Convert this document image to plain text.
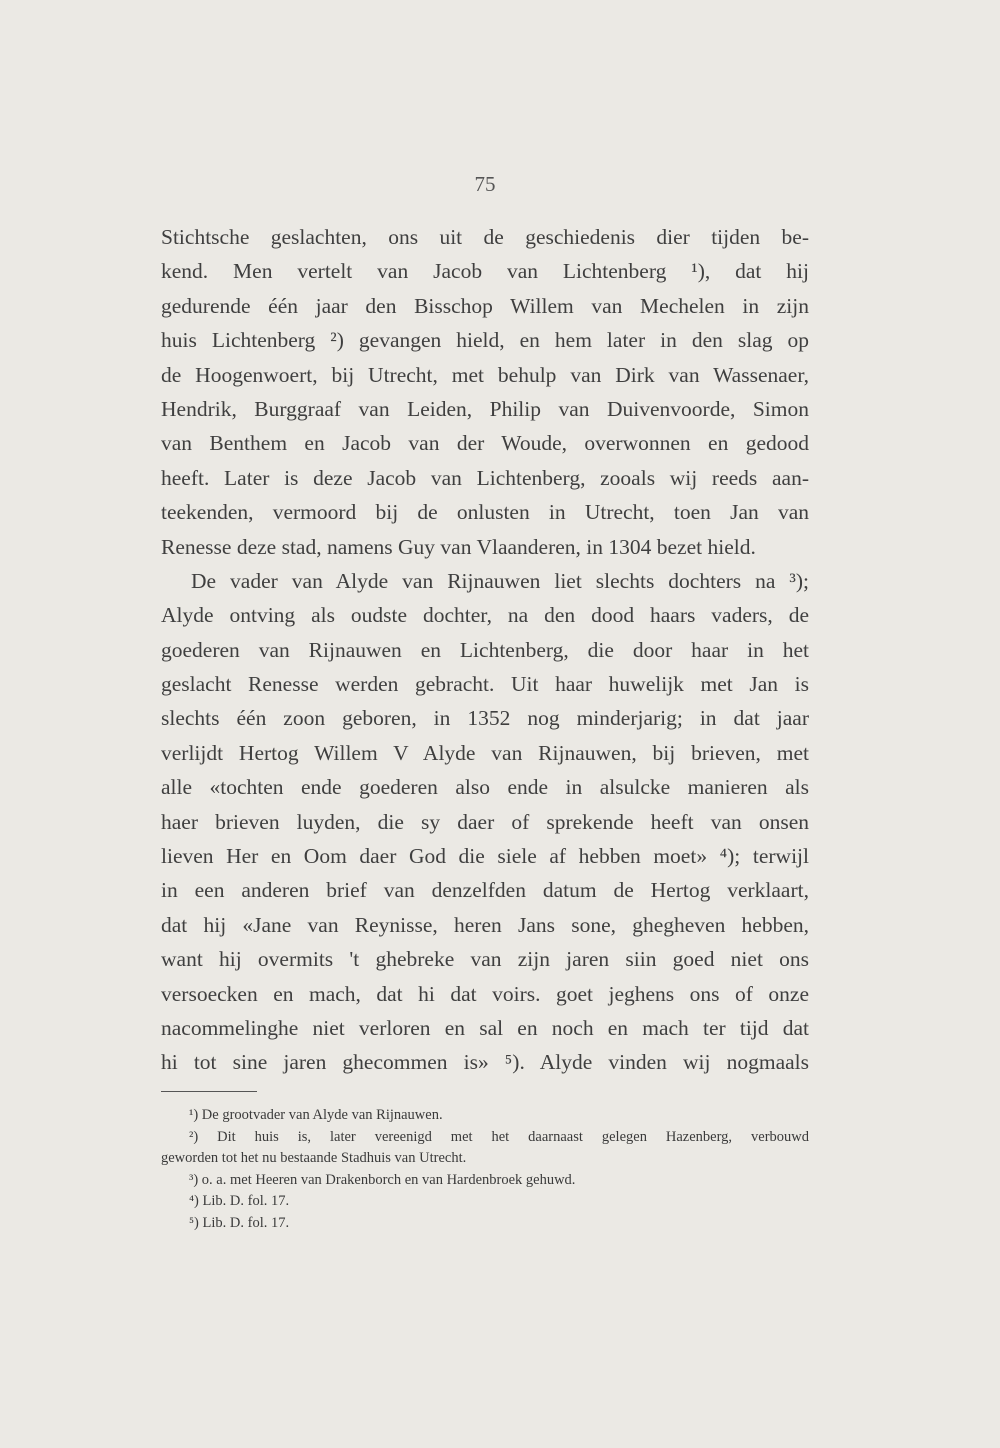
75
Stichtsche geslachten, ons uit de geschiedenis dier tijden be-
kend. Men vertelt van Jacob van Lichtenberg ¹), dat hij
gedurende één jaar den Bisschop Willem van Mechelen in zijn
huis Lichtenberg ²) gevangen hield, en hem later in den slag op
de Hoogenwoert, bij Utrecht, met behulp van Dirk van Wassenaer,
Hendrik, Burggraaf van Leiden, Philip van Duivenvoorde, Simon
van Benthem en Jacob van der Woude, overwonnen en gedood
heeft. Later is deze Jacob van Lichtenberg, zooals wij reeds aan-
teekenden, vermoord bij de onlusten in Utrecht, toen Jan van
Renesse deze stad, namens Guy van Vlaanderen, in 1304 bezet hield.
De vader van Alyde van Rijnauwen liet slechts dochters na ³);
Alyde ontving als oudste dochter, na den dood haars vaders, de
goederen van Rijnauwen en Lichtenberg, die door haar in het
geslacht Renesse werden gebracht. Uit haar huwelijk met Jan is
slechts één zoon geboren, in 1352 nog minderjarig; in dat jaar
verlijdt Hertog Willem V Alyde van Rijnauwen, bij brieven, met
alle «tochten ende goederen also ende in alsulcke manieren als
haer brieven luyden, die sy daer of sprekende heeft van onsen
lieven Her en Oom daer God die siele af hebben moet» ⁴); terwijl
in een anderen brief van denzelfden datum de Hertog verklaart,
dat hij «Jane van Reynisse, heren Jans sone, ghegheven hebben,
want hij overmits 't ghebreke van zijn jaren siin goed niet ons
versoecken en mach, dat hi dat voirs. goet jeghens ons of onze
nacommelinghe niet verloren en sal en noch en mach ter tijd dat
hi tot sine jaren ghecommen is» ⁵). Alyde vinden wij nogmaals
¹) De grootvader van Alyde van Rijnauwen.
²) Dit huis is, later vereenigd met het daarnaast gelegen Hazenberg, verbouwd
geworden tot het nu bestaande Stadhuis van Utrecht.
³) o. a. met Heeren van Drakenborch en van Hardenbroek gehuwd.
⁴) Lib. D. fol. 17.
⁵) Lib. D. fol. 17.
